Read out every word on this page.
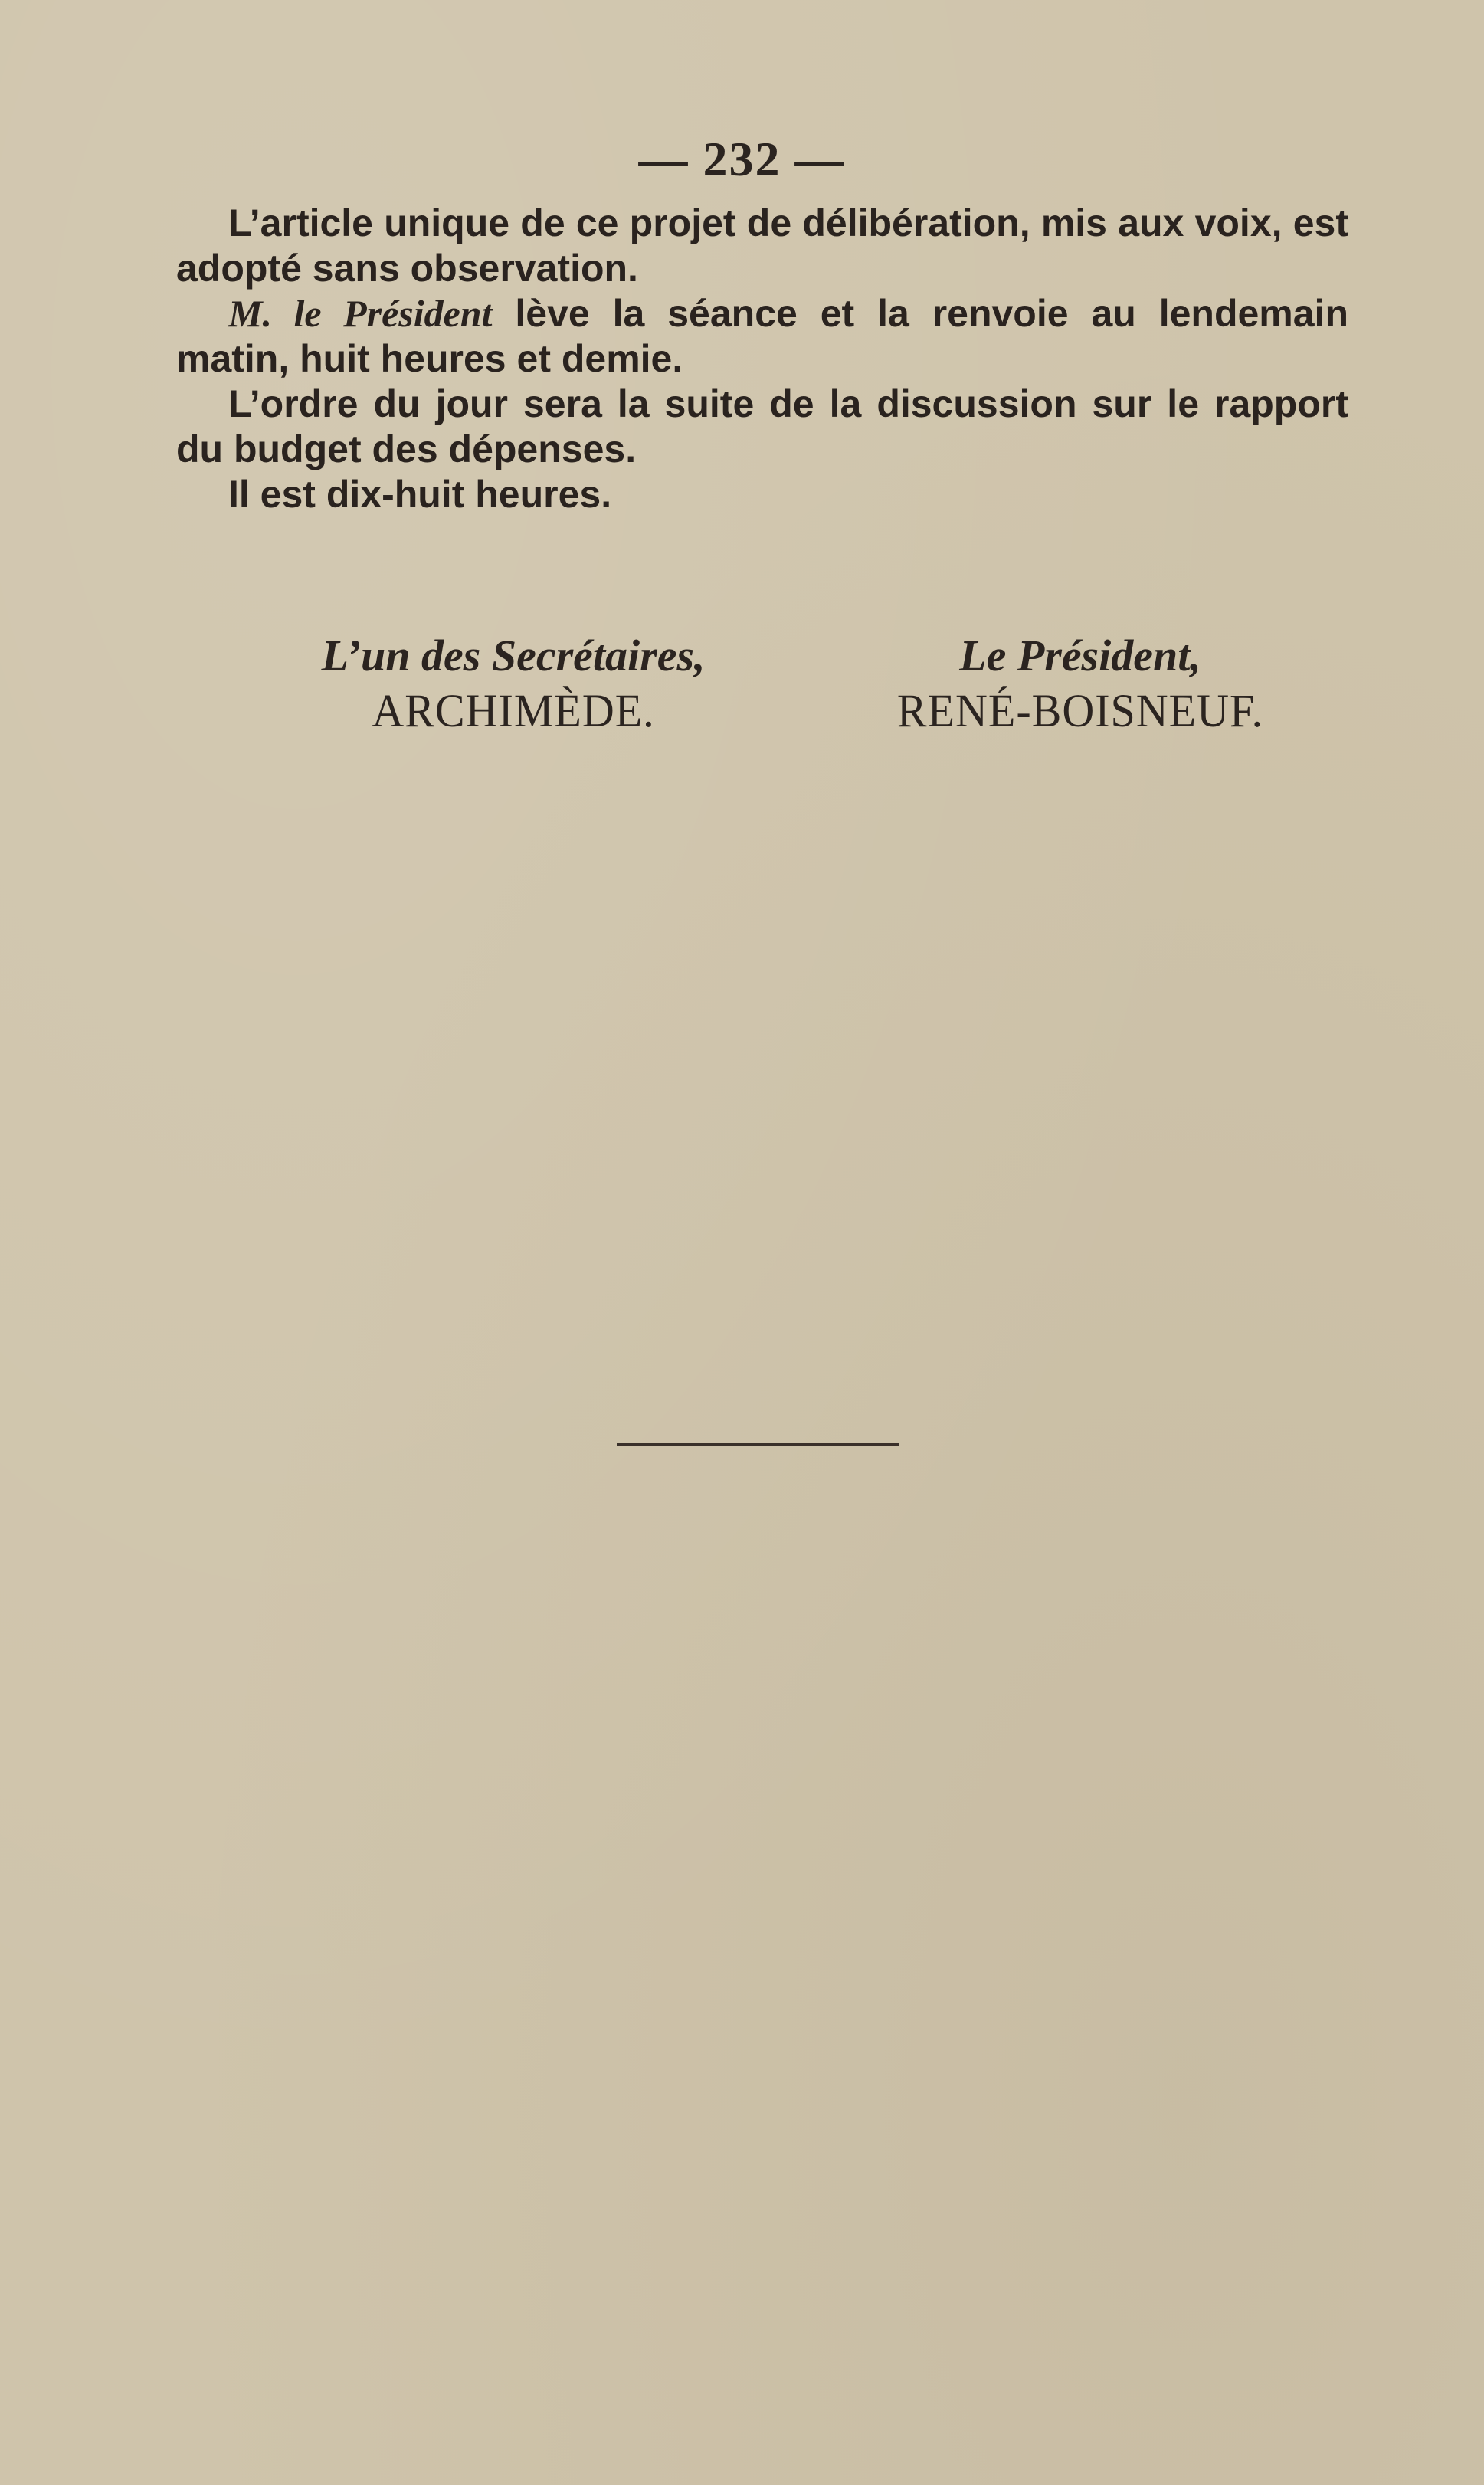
— 232 —

L’article unique de ce projet de délibération, mis aux voix, est adopté sans observation.

M. le Président lève la séance et la renvoie au lendemain matin, huit heures et demie.

L’ordre du jour sera la suite de la discussion sur le rapport du budget des dépenses.

Il est dix-huit heures.

L’un des Secrétaires,
ARCHIMÈDE.
Le Président,
RENÉ-BOISNEUF.
